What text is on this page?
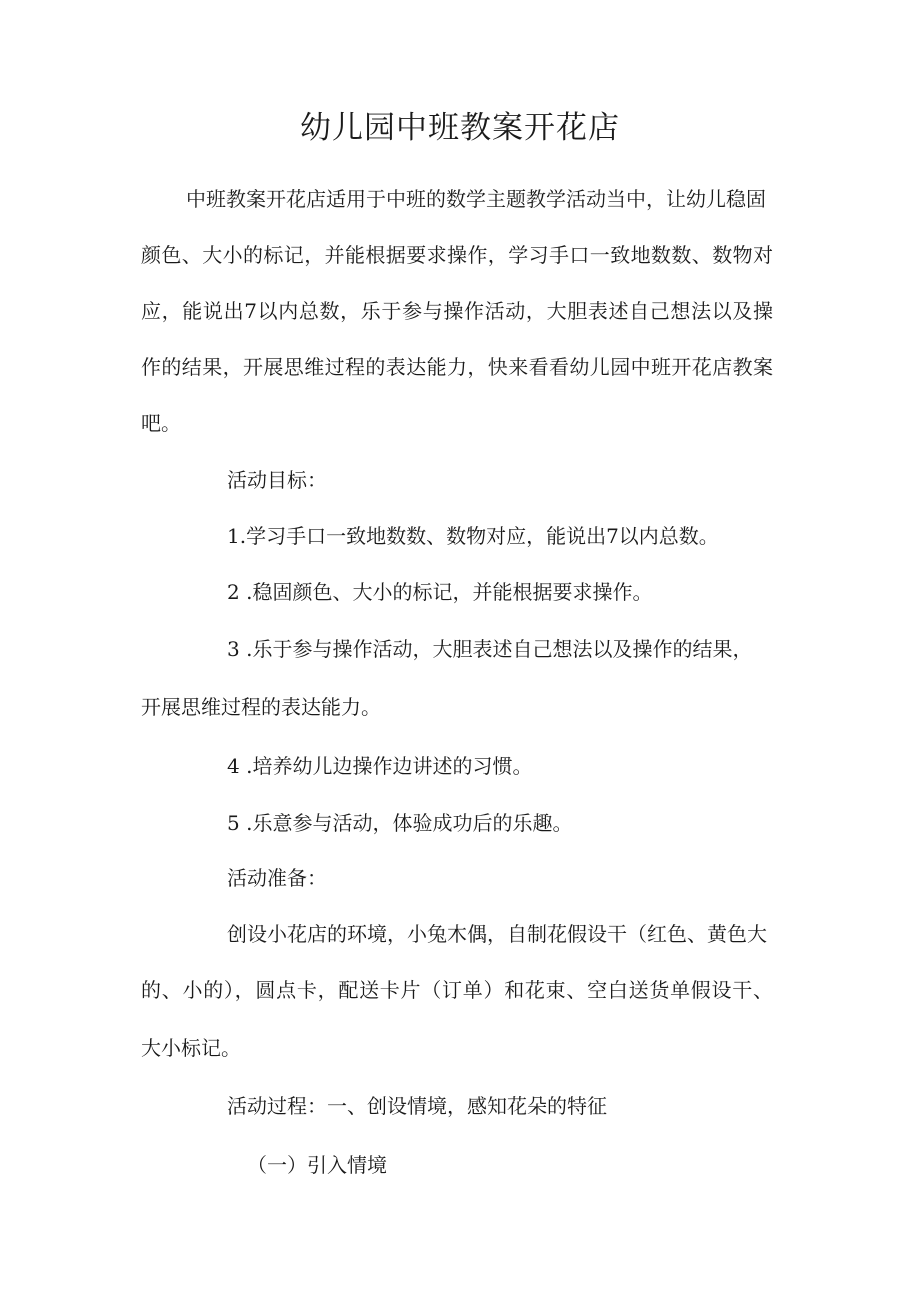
幼儿园中班教案开花店

中班教案开花店适用于中班的数学主题教学活动当中，让幼儿稳固

颜色、大小的标记，并能根据要求操作，学习手口一致地数数、数物对

应，能说出7以内总数，乐于参与操作活动，大胆表述自己想法以及操

作的结果，开展思维过程的表达能力，快来看看幼儿园中班开花店教案

吧。

活动目标：

1.学习手口一致地数数、数物对应，能说出7以内总数。

2 .稳固颜色、大小的标记，并能根据要求操作。

3 .乐于参与操作活动，大胆表述自己想法以及操作的结果，

开展思维过程的表达能力。

4 .培养幼儿边操作边讲述的习惯。

5 .乐意参与活动，体验成功后的乐趣。

活动准备：

创设小花店的环境，小兔木偶，自制花假设干（红色、黄色大

的、小的），圆点卡，配送卡片（订单）和花束、空白送货单假设干、

大小标记。

活动过程：一、创设情境，感知花朵的特征

（一）引入情境
